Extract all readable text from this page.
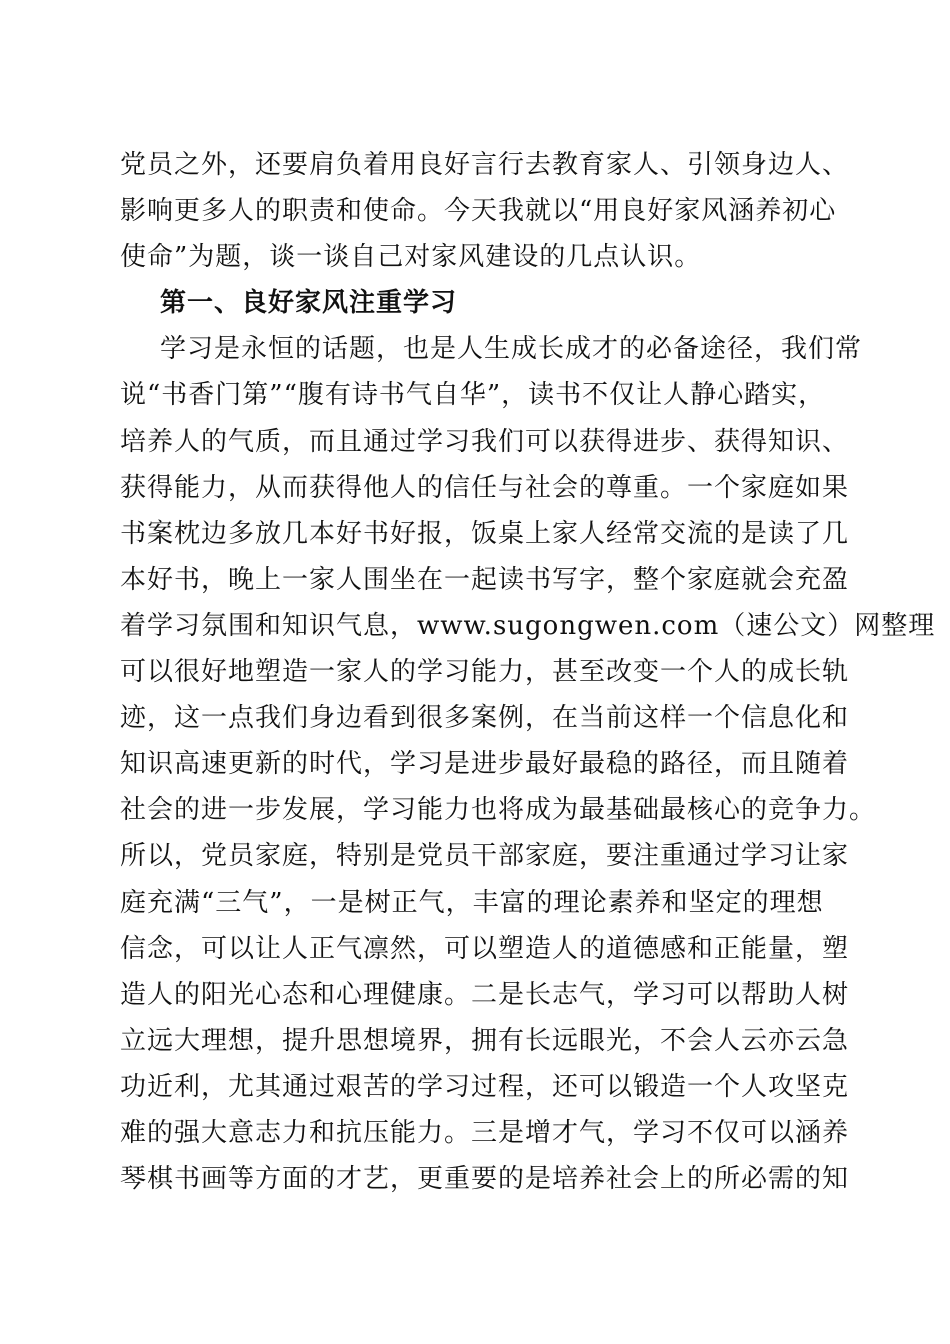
党员之外，还要肩负着用良好言行去教育家人、引领身边人、
影响更多人的职责和使命。今天我就以“用良好家风涵养初心
使命”为题，谈一谈自己对家风建设的几点认识。
第一、良好家风注重学习
学习是永恒的话题，也是人生成长成才的必备途径，我们常
说“书香门第”“腹有诗书气自华”，读书不仅让人静心踏实，
培养人的气质，而且通过学习我们可以获得进步、获得知识、
获得能力，从而获得他人的信任与社会的尊重。一个家庭如果
书案枕边多放几本好书好报，饭桌上家人经常交流的是读了几
本好书，晚上一家人围坐在一起读书写字，整个家庭就会充盈
着学习氛围和知识气息，www.sugongwen.com（速公文）网整理
可以很好地塑造一家人的学习能力，甚至改变一个人的成长轨
迹，这一点我们身边看到很多案例，在当前这样一个信息化和
知识高速更新的时代，学习是进步最好最稳的路径，而且随着
社会的进一步发展，学习能力也将成为最基础最核心的竞争力。
所以，党员家庭，特别是党员干部家庭，要注重通过学习让家
庭充满“三气”，一是树正气，丰富的理论素养和坚定的理想
信念，可以让人正气凛然，可以塑造人的道德感和正能量，塑
造人的阳光心态和心理健康。二是长志气，学习可以帮助人树
立远大理想，提升思想境界，拥有长远眼光，不会人云亦云急
功近利，尤其通过艰苦的学习过程，还可以锻造一个人攻坚克
难的强大意志力和抗压能力。三是增才气，学习不仅可以涵养
琴棋书画等方面的才艺，更重要的是培养社会上的所必需的知
